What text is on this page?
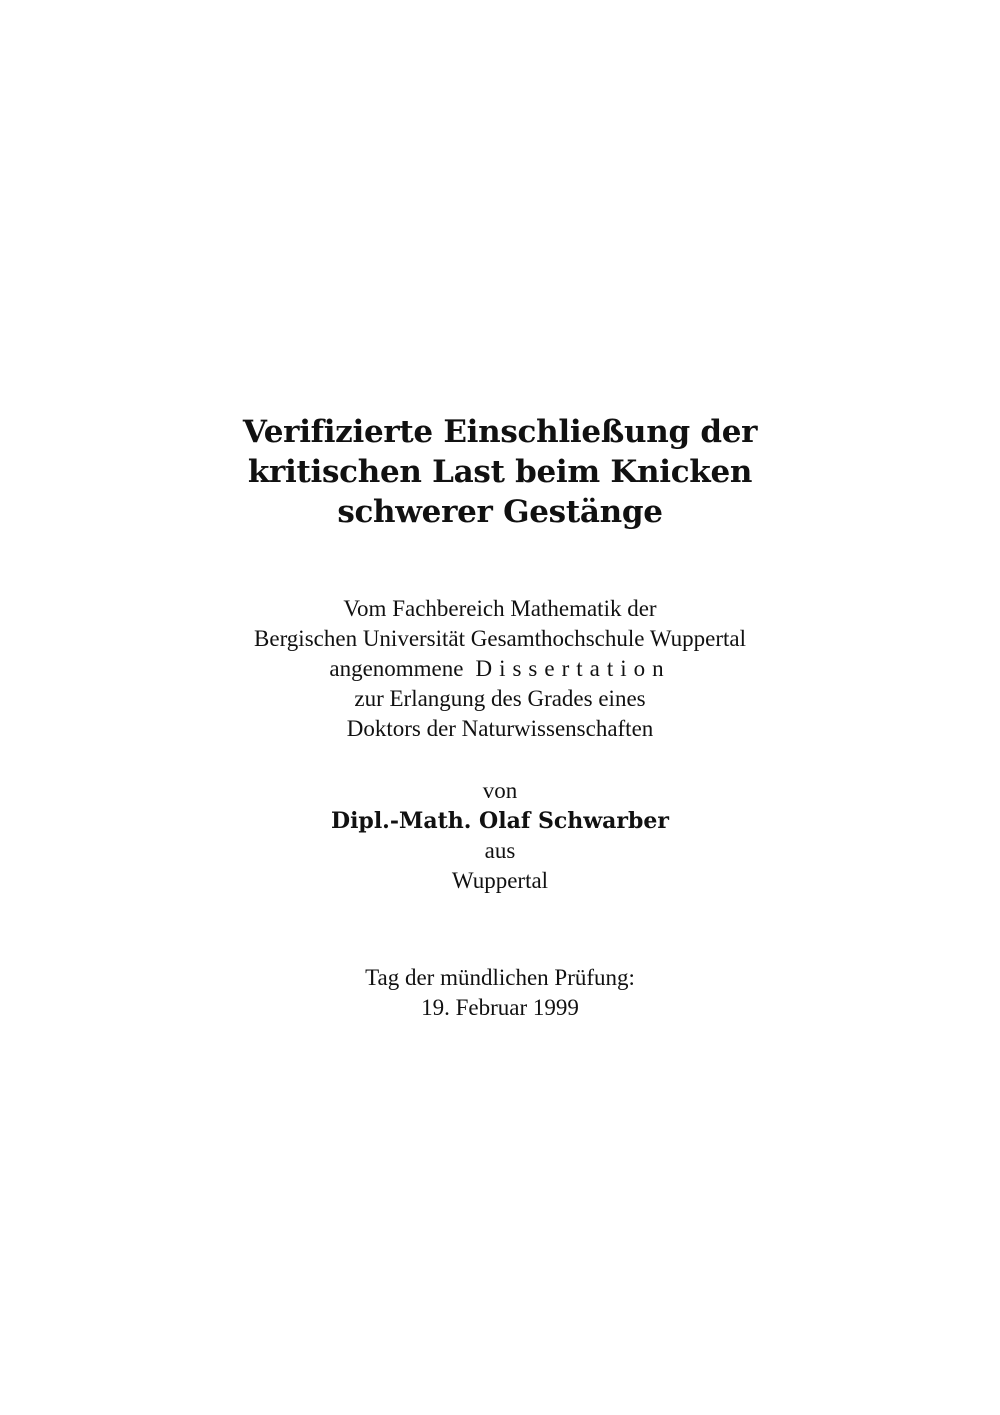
Verifizierte Einschließung der
kritischen Last beim Knicken
schwerer Gestänge
Vom Fachbereich Mathematik der
Bergischen Universität Gesamthochschule Wuppertal
angenommene Dissertation
zur Erlangung des Grades eines
Doktors der Naturwissenschaften
von
Dipl.-Math. Olaf Schwarber
aus
Wuppertal
Tag der mündlichen Prüfung:
19. Februar 1999
